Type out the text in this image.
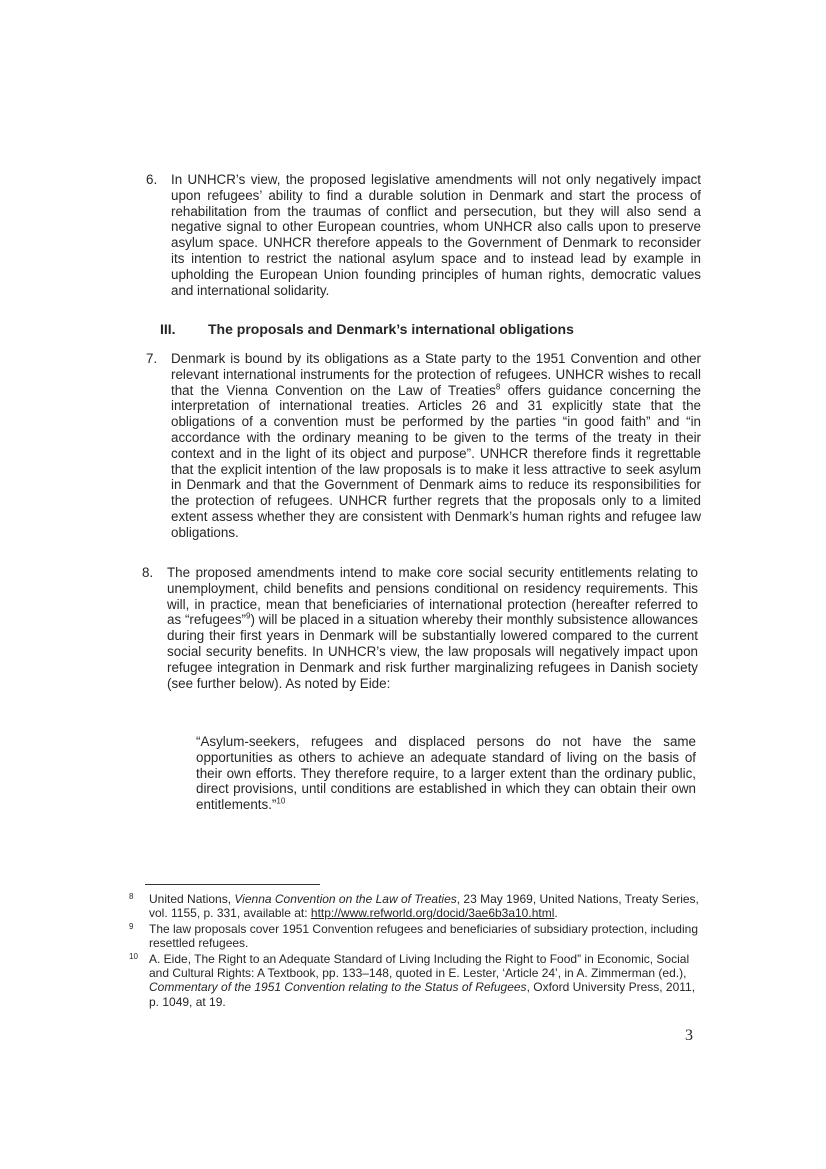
6. In UNHCR’s view, the proposed legislative amendments will not only negatively impact upon refugees’ ability to find a durable solution in Denmark and start the process of rehabilitation from the traumas of conflict and persecution, but they will also send a negative signal to other European countries, whom UNHCR also calls upon to preserve asylum space. UNHCR therefore appeals to the Government of Denmark to reconsider its intention to restrict the national asylum space and to instead lead by example in upholding the European Union founding principles of human rights, democratic values and international solidarity.
III. The proposals and Denmark’s international obligations
7. Denmark is bound by its obligations as a State party to the 1951 Convention and other relevant international instruments for the protection of refugees. UNHCR wishes to recall that the Vienna Convention on the Law of Treaties$^8$ offers guidance concerning the interpretation of international treaties. Articles 26 and 31 explicitly state that the obligations of a convention must be performed by the parties “in good faith” and “in accordance with the ordinary meaning to be given to the terms of the treaty in their context and in the light of its object and purpose”. UNHCR therefore finds it regrettable that the explicit intention of the law proposals is to make it less attractive to seek asylum in Denmark and that the Government of Denmark aims to reduce its responsibilities for the protection of refugees. UNHCR further regrets that the proposals only to a limited extent assess whether they are consistent with Denmark’s human rights and refugee law obligations.
8. The proposed amendments intend to make core social security entitlements relating to unemployment, child benefits and pensions conditional on residency requirements. This will, in practice, mean that beneficiaries of international protection (hereafter referred to as “refugees”$^9$) will be placed in a situation whereby their monthly subsistence allowances during their first years in Denmark will be substantially lowered compared to the current social security benefits. In UNHCR’s view, the law proposals will negatively impact upon refugee integration in Denmark and risk further marginalizing refugees in Danish society (see further below). As noted by Eide:
“Asylum-seekers, refugees and displaced persons do not have the same opportunities as others to achieve an adequate standard of living on the basis of their own efforts. They therefore require, to a larger extent than the ordinary public, direct provisions, until conditions are established in which they can obtain their own entitlements.”$^{10}$
8 United Nations, Vienna Convention on the Law of Treaties, 23 May 1969, United Nations, Treaty Series, vol. 1155, p. 331, available at: http://www.refworld.org/docid/3ae6b3a10.html.
9 The law proposals cover 1951 Convention refugees and beneficiaries of subsidiary protection, including resettled refugees.
10 A. Eide, The Right to an Adequate Standard of Living Including the Right to Food” in Economic, Social and Cultural Rights: A Textbook, pp. 133–148, quoted in E. Lester, ‘Article 24’, in A. Zimmerman (ed.), Commentary of the 1951 Convention relating to the Status of Refugees, Oxford University Press, 2011, p. 1049, at 19.
3
